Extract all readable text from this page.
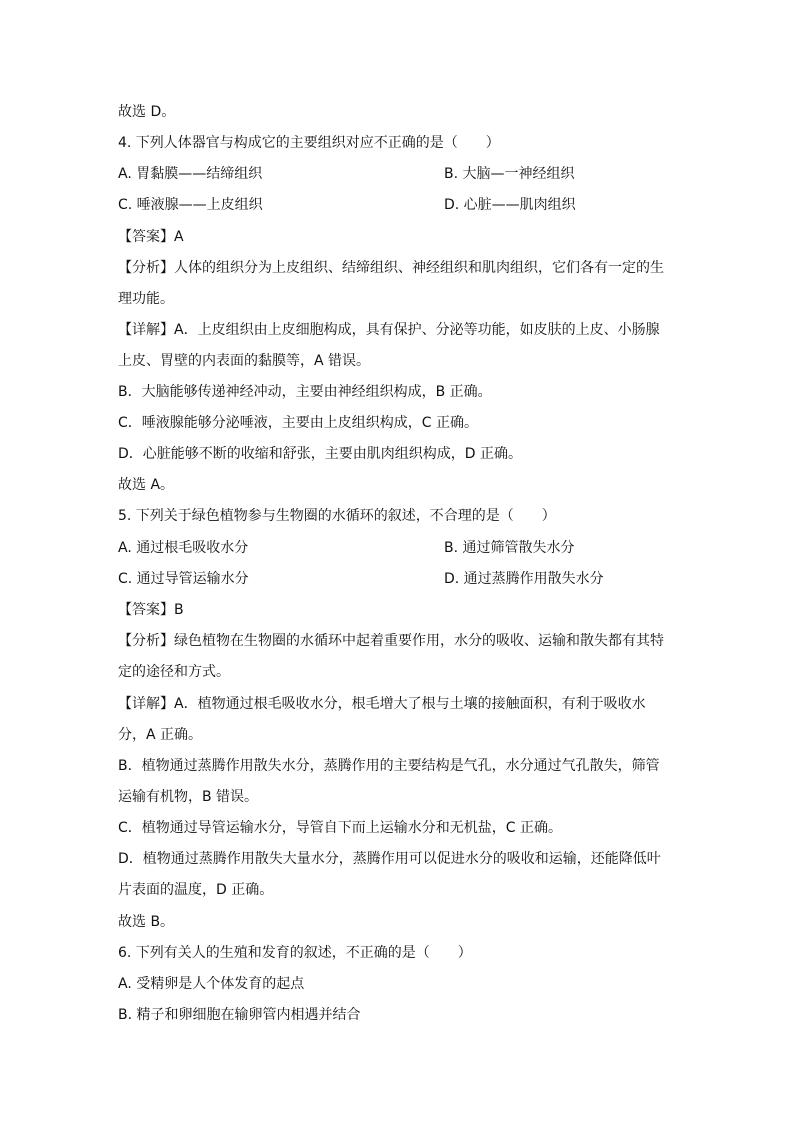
故选 D。
4. 下列人体器官与构成它的主要组织对应不正确的是（　　）
A. 胃黏膜——结缔组织	B. 大脑—一神经组织
C. 唾液腺——上皮组织	D. 心脏——肌肉组织
【答案】A
【分析】人体的组织分为上皮组织、结缔组织、神经组织和肌肉组织，它们各有一定的生
理功能。
【详解】A．上皮组织由上皮细胞构成，具有保护、分泌等功能，如皮肤的上皮、小肠腺
上皮、胃壁的内表面的黏膜等，A 错误。
B．大脑能够传递神经冲动，主要由神经组织构成，B 正确。
C．唾液腺能够分泌唾液，主要由上皮组织构成，C 正确。
D．心脏能够不断的收缩和舒张，主要由肌肉组织构成，D 正确。
故选 A。
5. 下列关于绿色植物参与生物圈的水循环的叙述，不合理的是（　　）
A. 通过根毛吸收水分	B. 通过筛管散失水分
C. 通过导管运输水分	D. 通过蒸腾作用散失水分
【答案】B
【分析】绿色植物在生物圈的水循环中起着重要作用，水分的吸收、运输和散失都有其特
定的途径和方式。
【详解】A．植物通过根毛吸收水分，根毛增大了根与土壤的接触面积，有利于吸收水
分，A 正确。
B．植物通过蒸腾作用散失水分，蒸腾作用的主要结构是气孔，水分通过气孔散失，筛管
运输有机物，B 错误。
C．植物通过导管运输水分，导管自下而上运输水分和无机盐，C 正确。
D．植物通过蒸腾作用散失大量水分，蒸腾作用可以促进水分的吸收和运输，还能降低叶
片表面的温度，D 正确。
故选 B。
6. 下列有关人的生殖和发育的叙述，不正确的是（　　）
A. 受精卵是人个体发育的起点
B. 精子和卵细胞在输卵管内相遇并结合
